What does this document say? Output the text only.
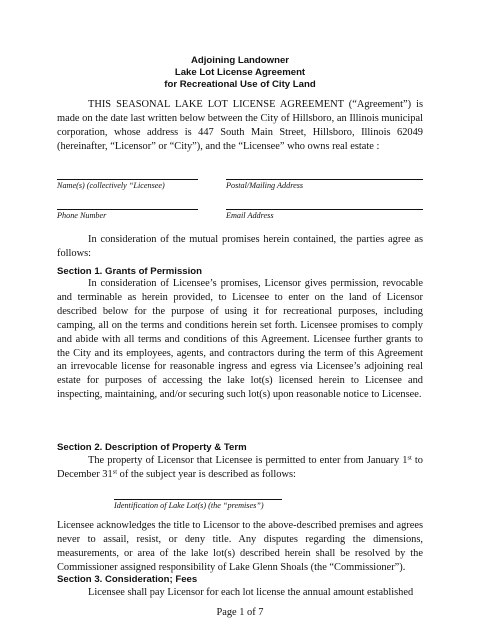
Adjoining Landowner
Lake Lot License Agreement
for Recreational Use of City Land

THIS SEASONAL LAKE LOT LICENSE AGREEMENT (“Agreement”) is made on the date last written below between the City of Hillsboro, an Illinois municipal corporation, whose address is 447 South Main Street, Hillsboro, Illinois 62049 (hereinafter, “Licensor” or “City”), and the “Licensee” who owns real estate :

Name(s) (collectively “Licensee)	Postal/Mailing Address
Phone Number	Email Address

In consideration of the mutual promises herein contained, the parties agree as follows:

Section 1. Grants of Permission

In consideration of Licensee’s promises, Licensor gives permission, revocable and terminable as herein provided, to Licensee to enter on the land of Licensor described below for the purpose of using it for recreational purposes, including camping, all on the terms and conditions herein set forth. Licensee promises to comply and abide with all terms and conditions of this Agreement. Licensee further grants to the City and its employees, agents, and contractors during the term of this Agreement an irrevocable license for reasonable ingress and egress via Licensee’s adjoining real estate for purposes of accessing the lake lot(s) licensed herein to Licensee and inspecting, maintaining, and/or securing such lot(s) upon reasonable notice to Licensee.

Section 2. Description of Property & Term

The property of Licensor that Licensee is permitted to enter from January 1st to December 31st of the subject year is described as follows:

Identification of Lake Lot(s) (the “premises”)

Licensee acknowledges the title to Licensor to the above-described premises and agrees never to assail, resist, or deny title. Any disputes regarding the dimensions, measurements, or area of the lake lot(s) described herein shall be resolved by the Commissioner assigned responsibility of Lake Glenn Shoals (the “Commissioner”).

Section 3. Consideration; Fees

Licensee shall pay Licensor for each lot license the annual amount established

Page 1 of 7
